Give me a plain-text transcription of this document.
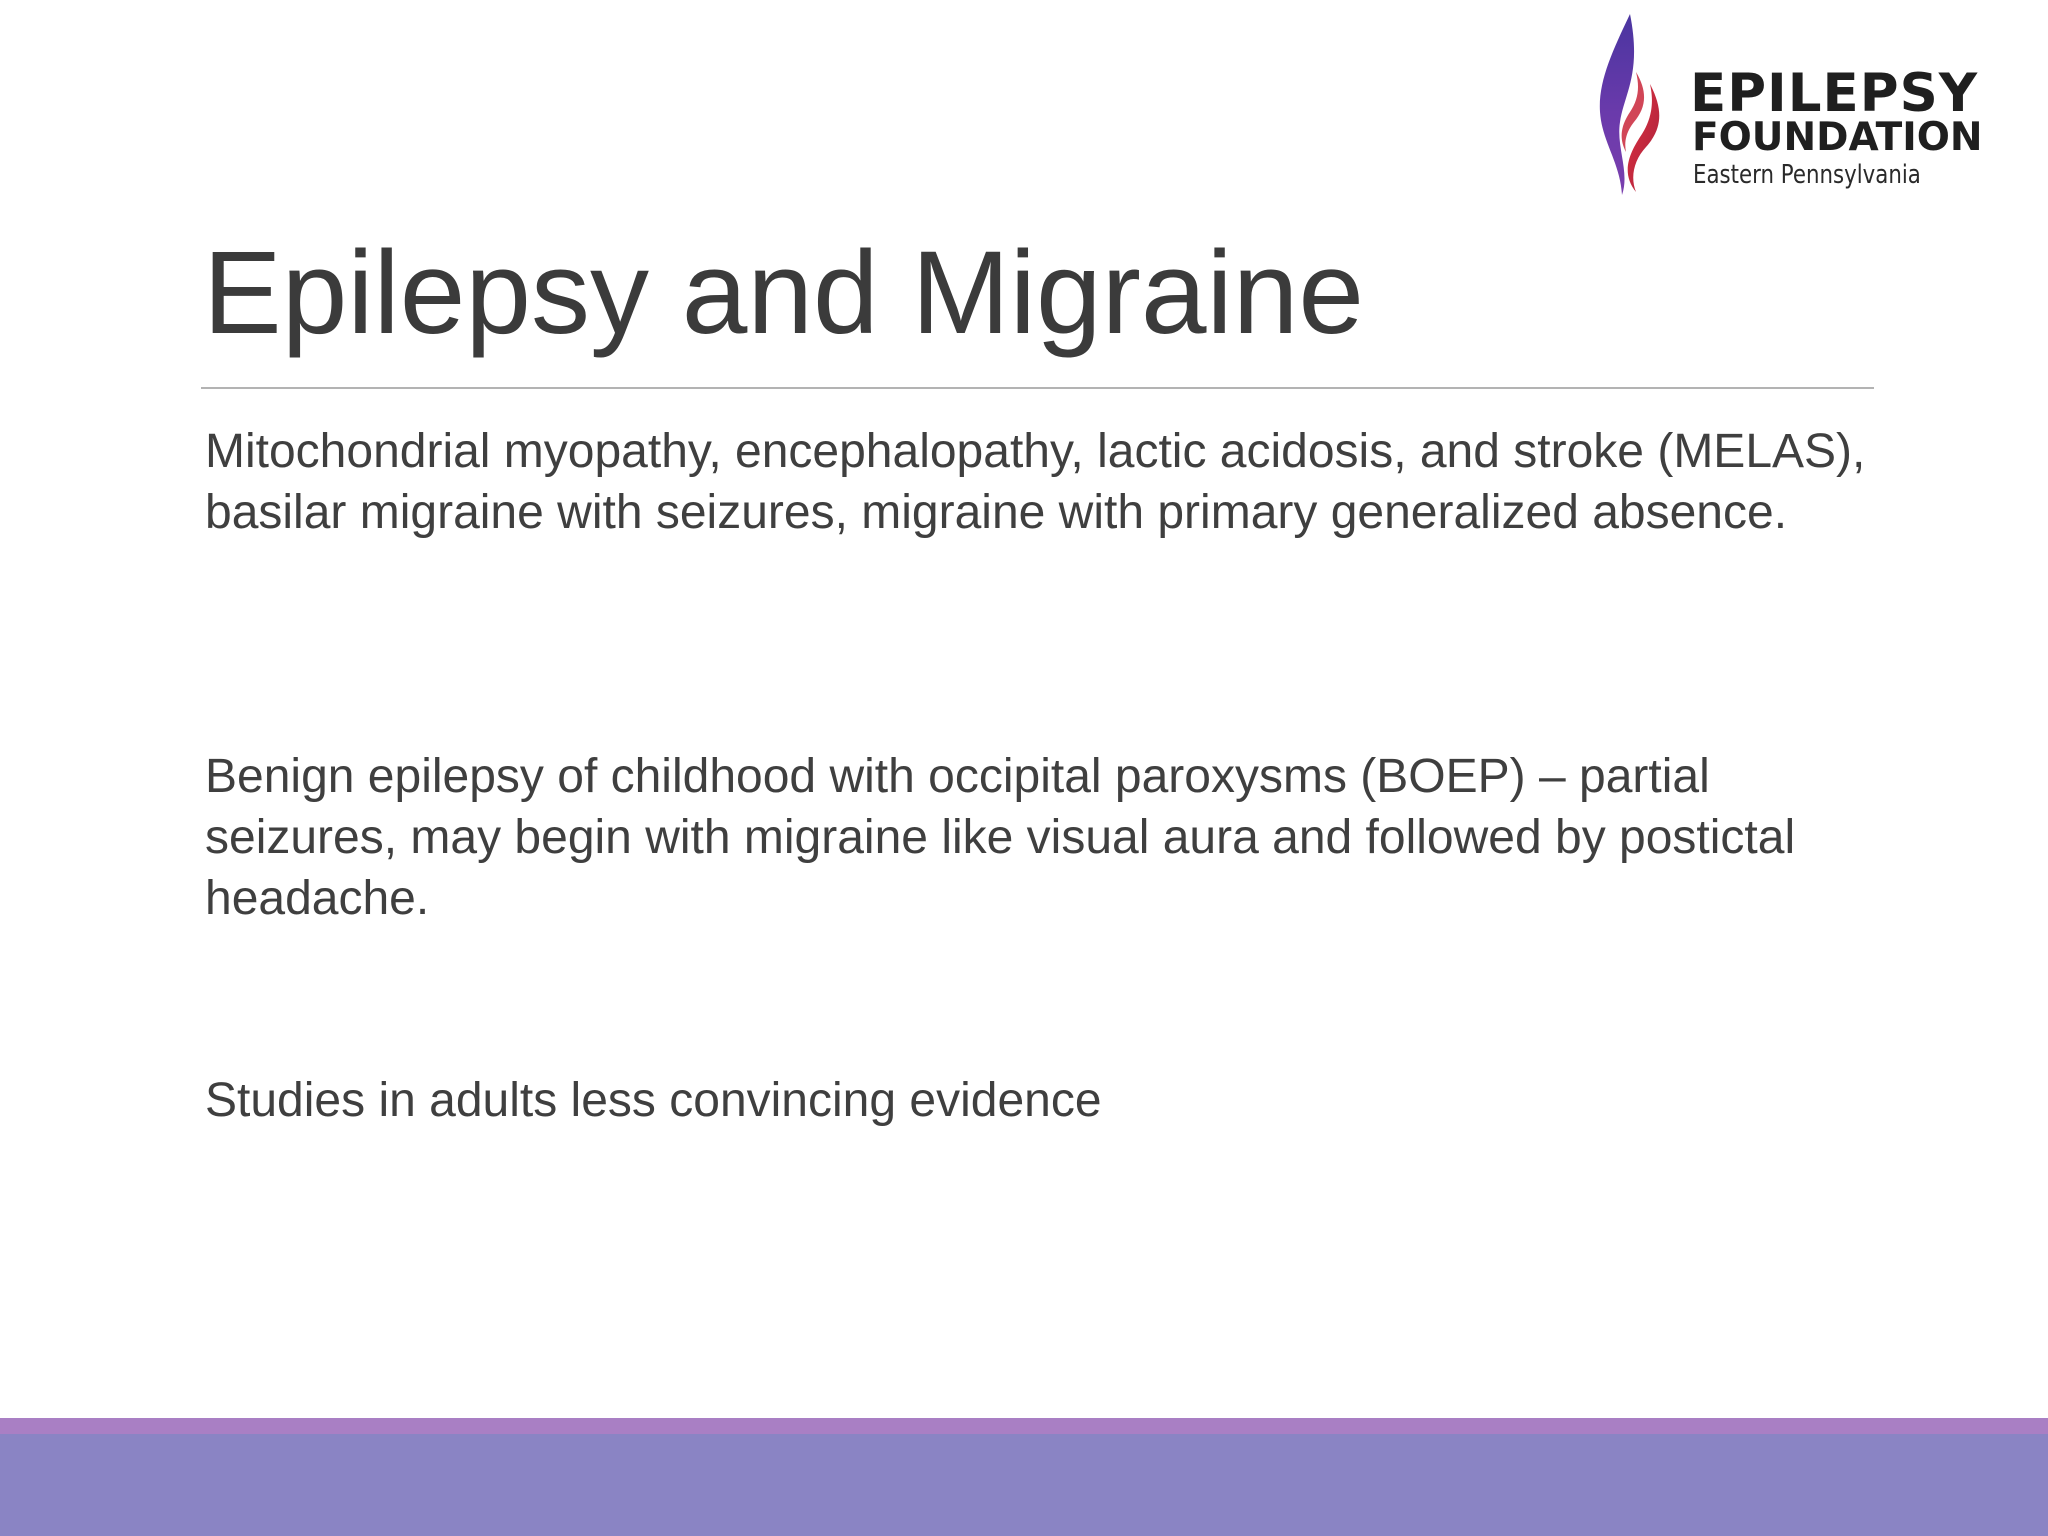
EPILEPSY
FOUNDATION
Eastern Pennsylvania
Epilepsy and Migraine

Mitochondrial myopathy, encephalopathy, lactic acidosis, and stroke (MELAS), basilar migraine with seizures, migraine with primary generalized absence.

Benign epilepsy of childhood with occipital paroxysms (BOEP) – partial seizures, may begin with migraine like visual aura and followed by postictal headache.

Studies in adults less convincing evidence
